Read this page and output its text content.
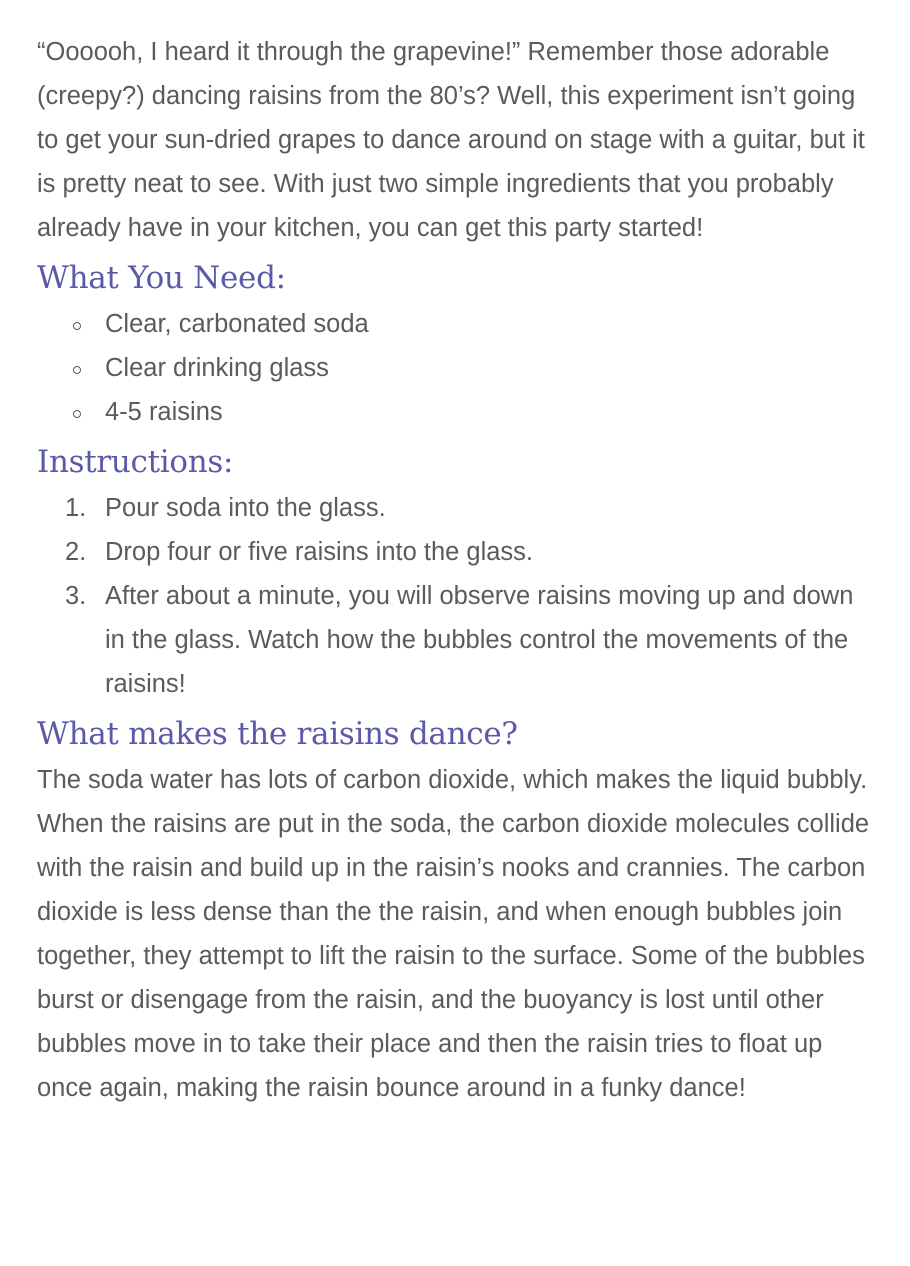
“Oooooh, I heard it through the grapevine!” Remember those adorable (creepy?) dancing raisins from the 80’s? Well, this experiment isn’t going to get your sun-dried grapes to dance around on stage with a guitar, but it is pretty neat to see. With just two simple ingredients that you probably already have in your kitchen, you can get this party started!

What You Need:
Clear, carbonated soda
Clear drinking glass
4-5 raisins
Instructions:
1. Pour soda into the glass.
2. Drop four or five raisins into the glass.
3. After about a minute, you will observe raisins moving up and down in the glass. Watch how the bubbles control the movements of the raisins!
What makes the raisins dance?

The soda water has lots of carbon dioxide, which makes the liquid bubbly. When the raisins are put in the soda, the carbon dioxide molecules collide with the raisin and build up in the raisin’s nooks and crannies. The carbon dioxide is less dense than the the raisin, and when enough bubbles join together, they attempt to lift the raisin to the surface. Some of the bubbles burst or disengage from the raisin, and the buoyancy is lost until other bubbles move in to take their place and then the raisin tries to float up once again, making the raisin bounce around in a funky dance!
